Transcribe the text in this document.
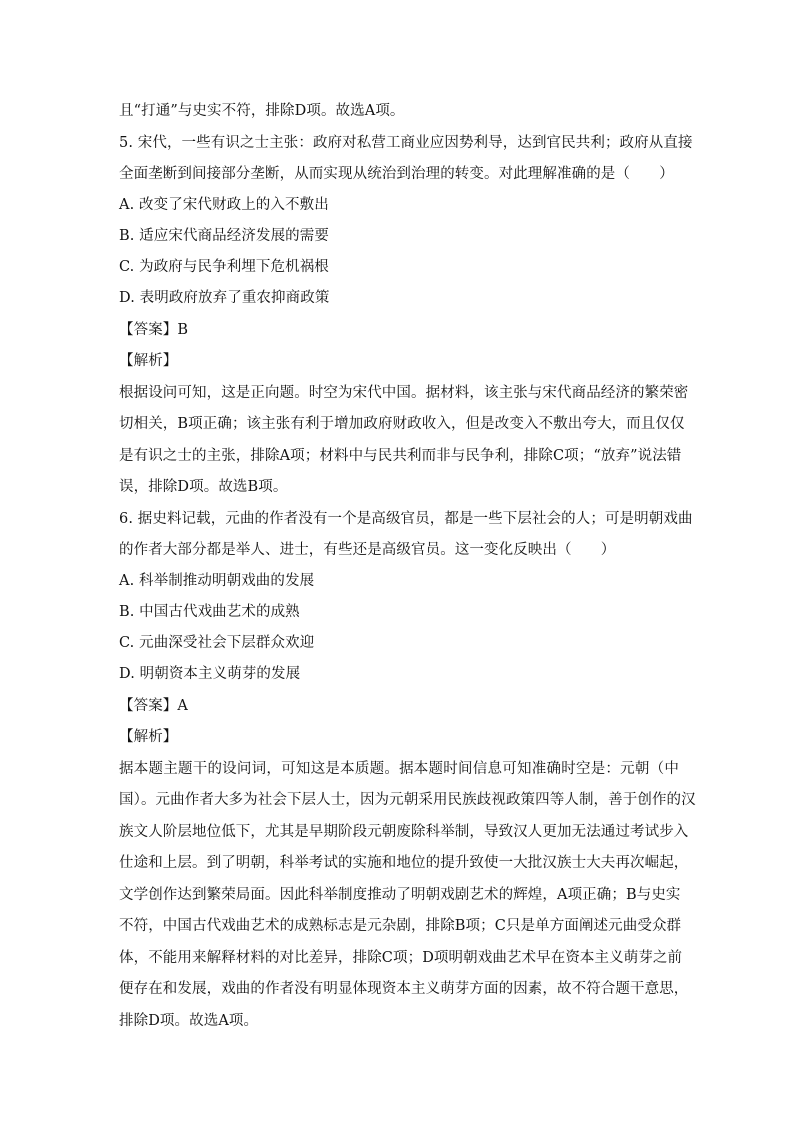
且“打通”与史实不符，排除D项。故选A项。
5. 宋代，一些有识之士主张：政府对私营工商业应因势利导，达到官民共利；政府从直接
全面垄断到间接部分垄断，从而实现从统治到治理的转变。对此理解准确的是（　　）
A. 改变了宋代财政上的入不敷出
B. 适应宋代商品经济发展的需要
C. 为政府与民争利埋下危机祸根
D. 表明政府放弃了重农抑商政策
【答案】B
【解析】
根据设问可知，这是正向题。时空为宋代中国。据材料，该主张与宋代商品经济的繁荣密
切相关，B项正确；该主张有利于增加政府财政收入，但是改变入不敷出夸大，而且仅仅
是有识之士的主张，排除A项；材料中与民共利而非与民争利，排除C项；“放弃”说法错
误，排除D项。故选B项。
6. 据史料记载，元曲的作者没有一个是高级官员，都是一些下层社会的人；可是明朝戏曲
的作者大部分都是举人、进士，有些还是高级官员。这一变化反映出（　　）
A. 科举制推动明朝戏曲的发展
B. 中国古代戏曲艺术的成熟
C. 元曲深受社会下层群众欢迎
D. 明朝资本主义萌芽的发展
【答案】A
【解析】
据本题主题干的设问词，可知这是本质题。据本题时间信息可知准确时空是：元朝（中
国）。元曲作者大多为社会下层人士，因为元朝采用民族歧视政策四等人制，善于创作的汉
族文人阶层地位低下，尤其是早期阶段元朝废除科举制，导致汉人更加无法通过考试步入
仕途和上层。到了明朝，科举考试的实施和地位的提升致使一大批汉族士大夫再次崛起，
文学创作达到繁荣局面。因此科举制度推动了明朝戏剧艺术的辉煌，A项正确；B与史实
不符，中国古代戏曲艺术的成熟标志是元杂剧，排除B项；C只是单方面阐述元曲受众群
体，不能用来解释材料的对比差异，排除C项；D项明朝戏曲艺术早在资本主义萌芽之前
便存在和发展，戏曲的作者没有明显体现资本主义萌芽方面的因素，故不符合题干意思，
排除D项。故选A项。
